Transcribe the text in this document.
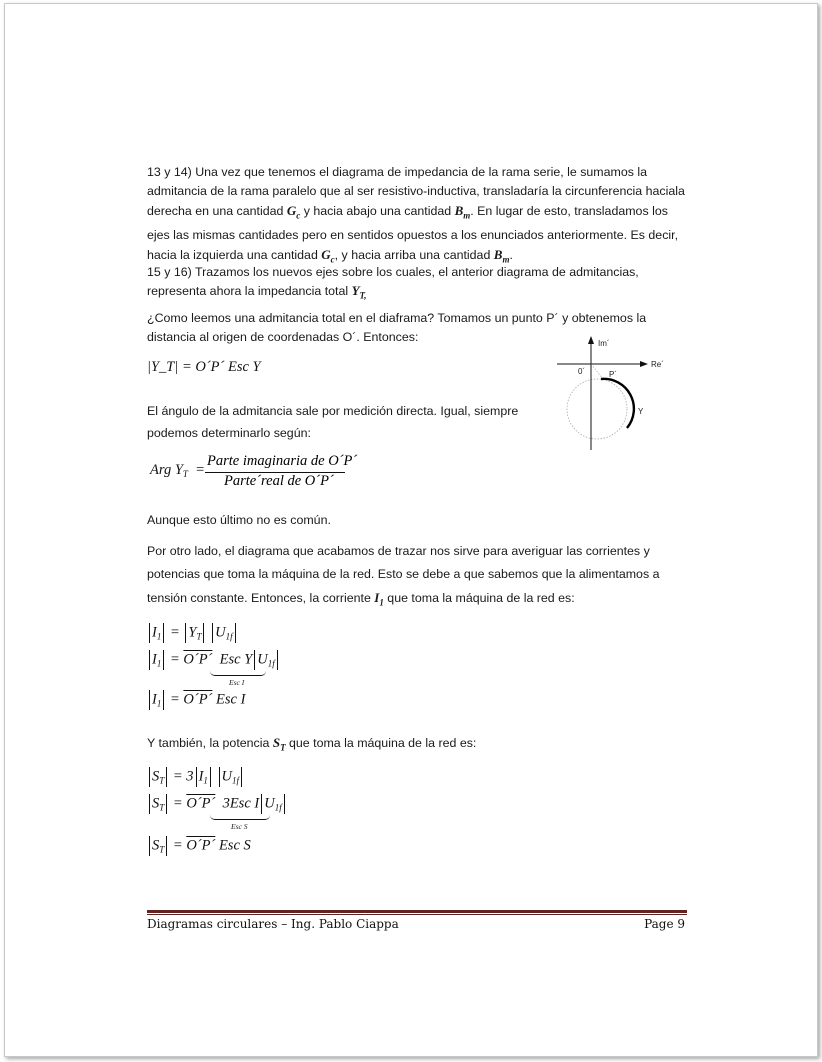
13 y 14) Una vez que tenemos el diagrama de impedancia de la rama serie, le sumamos la admitancia de la rama paralelo que al ser resistivo-inductiva, transladaría la circunferencia haciala derecha en una cantidad $G_c$ y hacia abajo una cantidad $B_m$. En lugar de esto, transladamos los ejes las mismas cantidades pero en sentidos opuestos a los enunciados anteriormente. Es decir, hacia la izquierda una cantidad $G_c$, y hacia arriba una cantidad $B_m$.
15 y 16) Trazamos los nuevos ejes sobre los cuales, el anterior diagrama de admitancias, representa ahora la impedancia total $Y_{T,}$
¿Como leemos una admitancia total en el diaframa? Tomamos un punto P´ y obtenemos la distancia al origen de coordenadas O´. Entonces:
|Y_T| = O´P´ Esc Y
Im´
Re´
0´	P´
Y
El ángulo de la admitancia sale por medición directa. Igual, siempre podemos determinarlo según:
Arg $Y_T$  =
Parte imaginaria de O´P´
Parte´real de O´P´
Aunque esto último no es común.
Por otro lado, el diagrama que acabamos de trazar nos sirve para averiguar las corrientes y potencias que toma la máquina de la red. Esto se debe a que sabemos que la alimentamos a tensión constante. Entonces, la corriente $I_1$ que toma la máquina de la red es:
$I_1 = Y_T$ $U_{1f}$
$I_1$ = O´P´  Esc Y $U_{1f}$
Esc I
$I_1$ = O´P´ Esc I
Y también, la potencia $S_T$ que toma la máquina de la red es:
$S_T = 3$ $I_1$ $U_{1f}$
$S_T$ = O´P´  3Esc I $U_{1f}$
Esc S
$S_T$ = O´P´ Esc S
Diagramas circulares – Ing. Pablo Ciappa	Page 9
